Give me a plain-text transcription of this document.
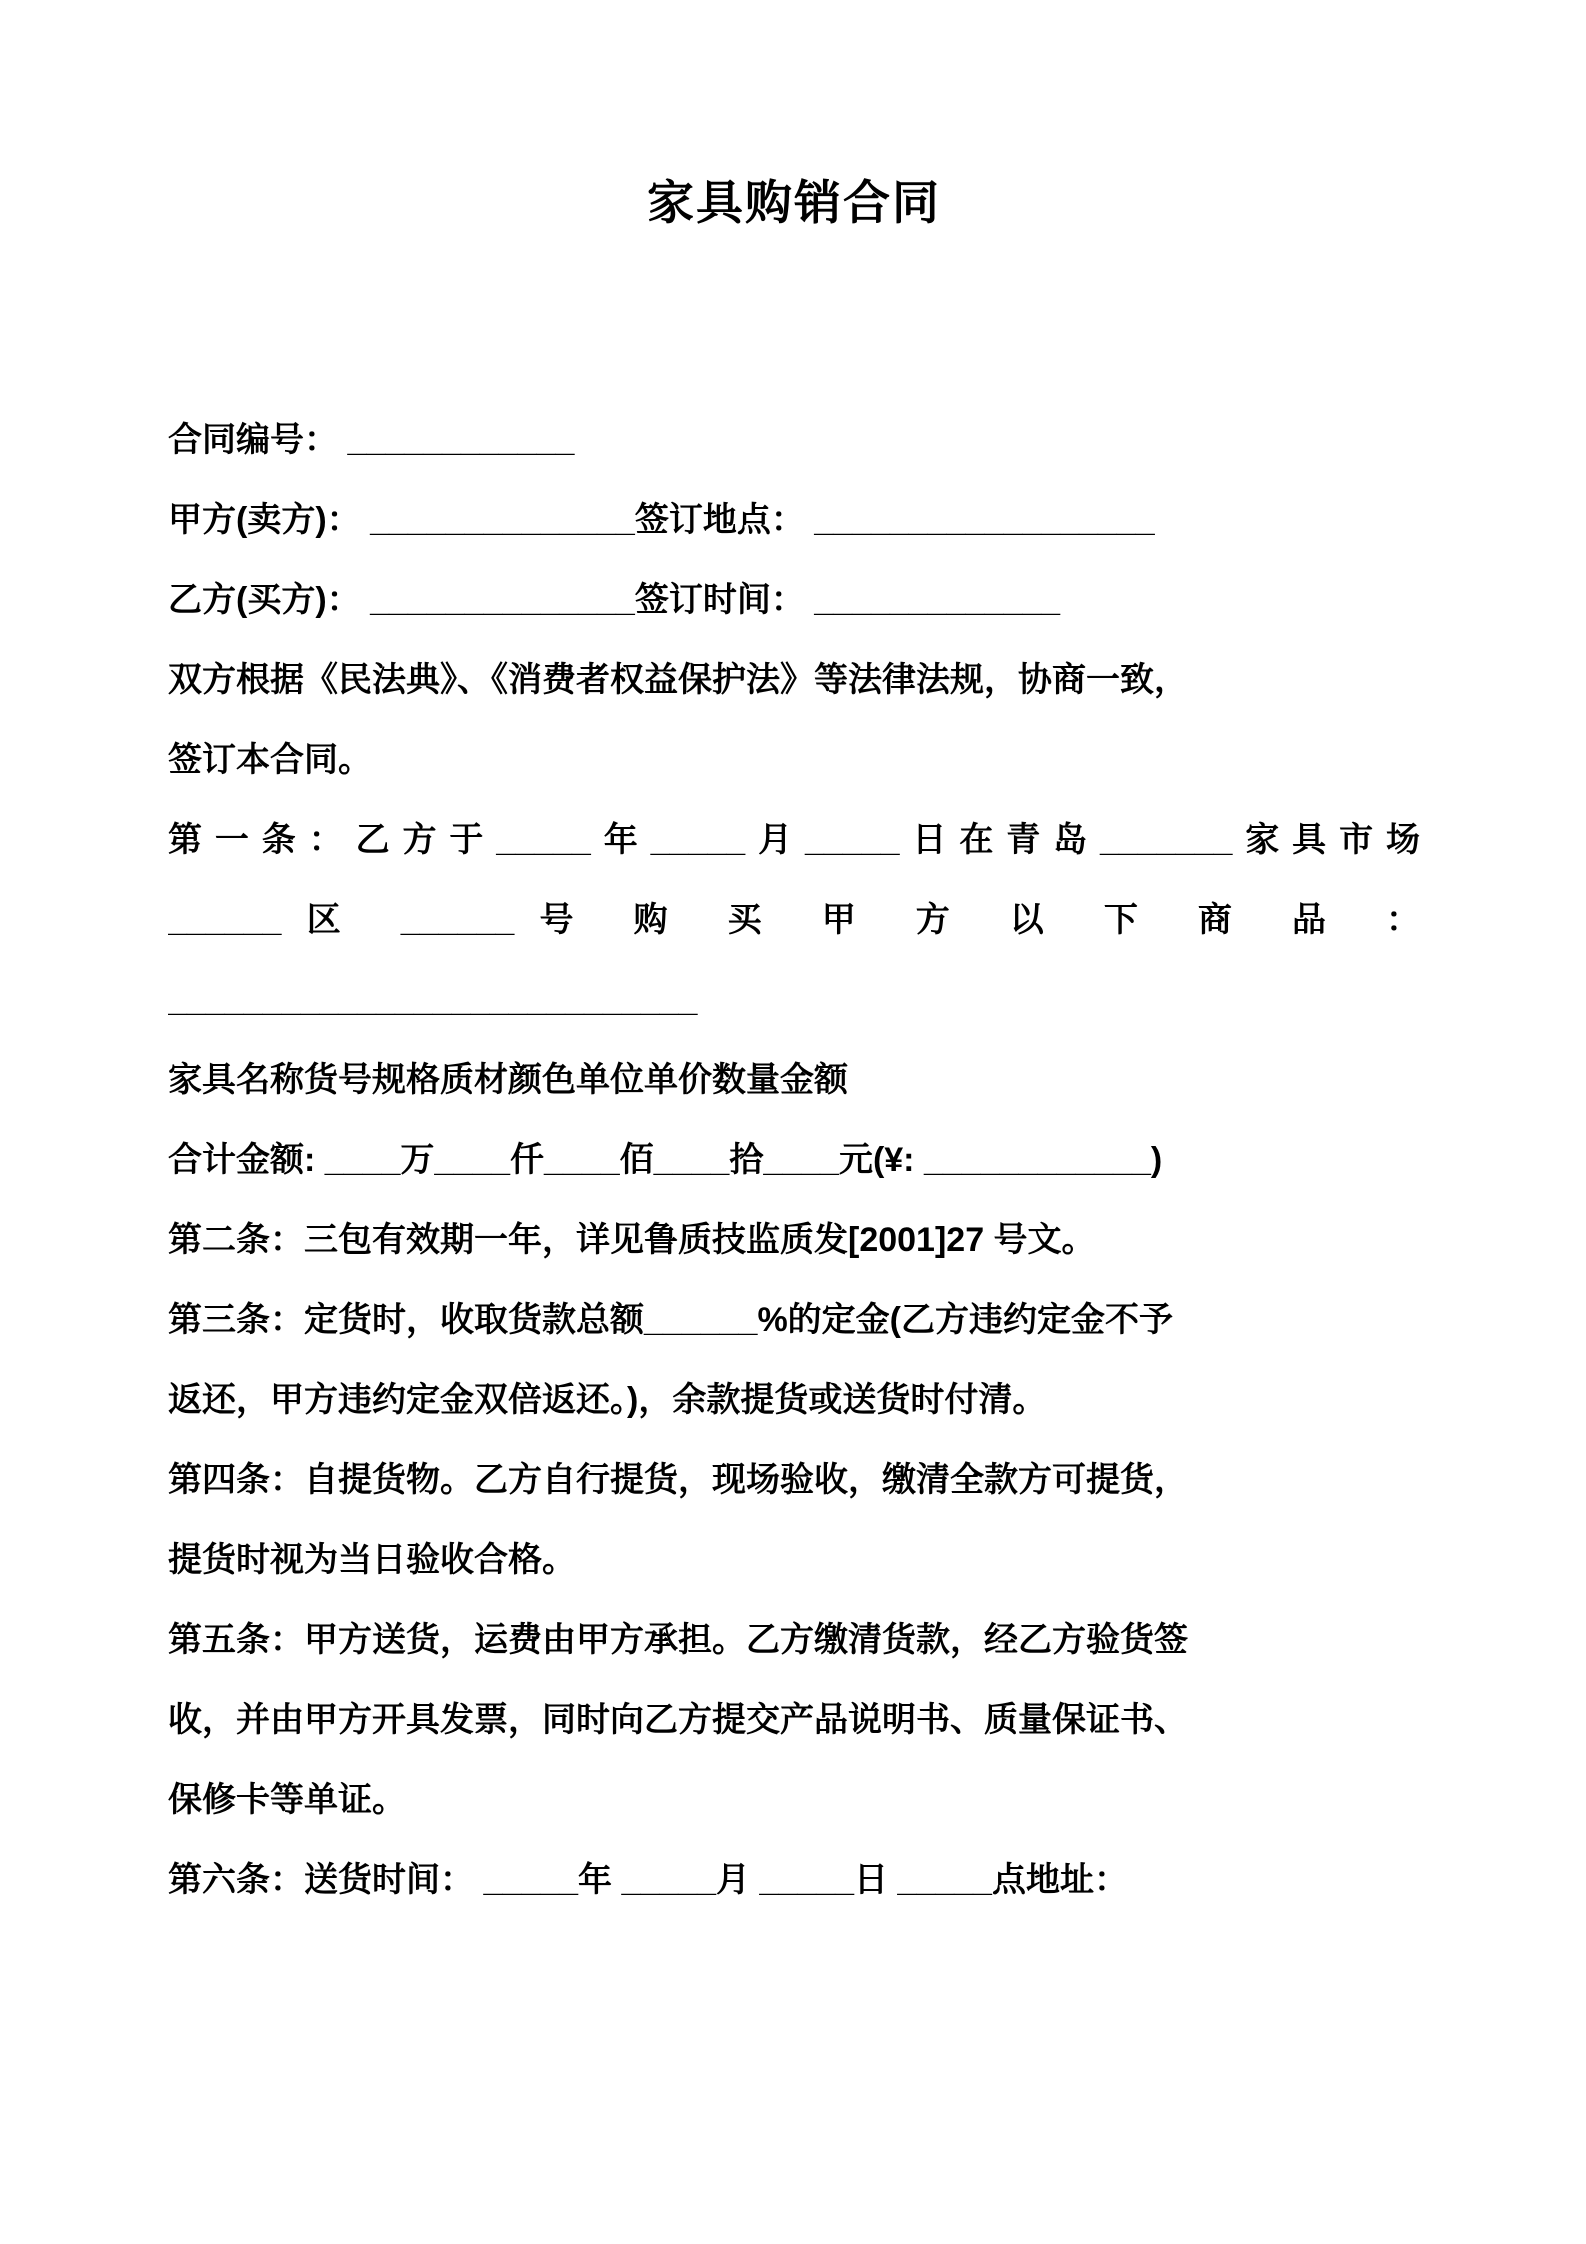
家具购销合同
合同编号： ____________
甲方(卖方)： ______________签订地点： __________________
乙方(买方)： ______________签订时间： _____________
双方根据《民法典》、《消费者权益保护法》等法律法规，协商一致，
签订本合同。
第一条：乙方于_____年_____月_____日在青岛_______家具市场
______区 ______号 购 买 甲 方 以 下 商 品 ：
____________________________
家具名称货号规格质材颜色单位单价数量金额
合计金额: ____万____仟____佰____拾____元(¥: ____________)
第二条：三包有效期一年，详见鲁质技监质发[2001]27 号文。
第三条：定货时，收取货款总额______%的定金(乙方违约定金不予
返还，甲方违约定金双倍返还。)，余款提货或送货时付清。
第四条：自提货物。乙方自行提货，现场验收，缴清全款方可提货，
提货时视为当日验收合格。
第五条：甲方送货，运费由甲方承担。乙方缴清货款，经乙方验货签
收，并由甲方开具发票，同时向乙方提交产品说明书、质量保证书、
保修卡等单证。
第六条：送货时间： _____年 _____月 _____日 _____点地址：
